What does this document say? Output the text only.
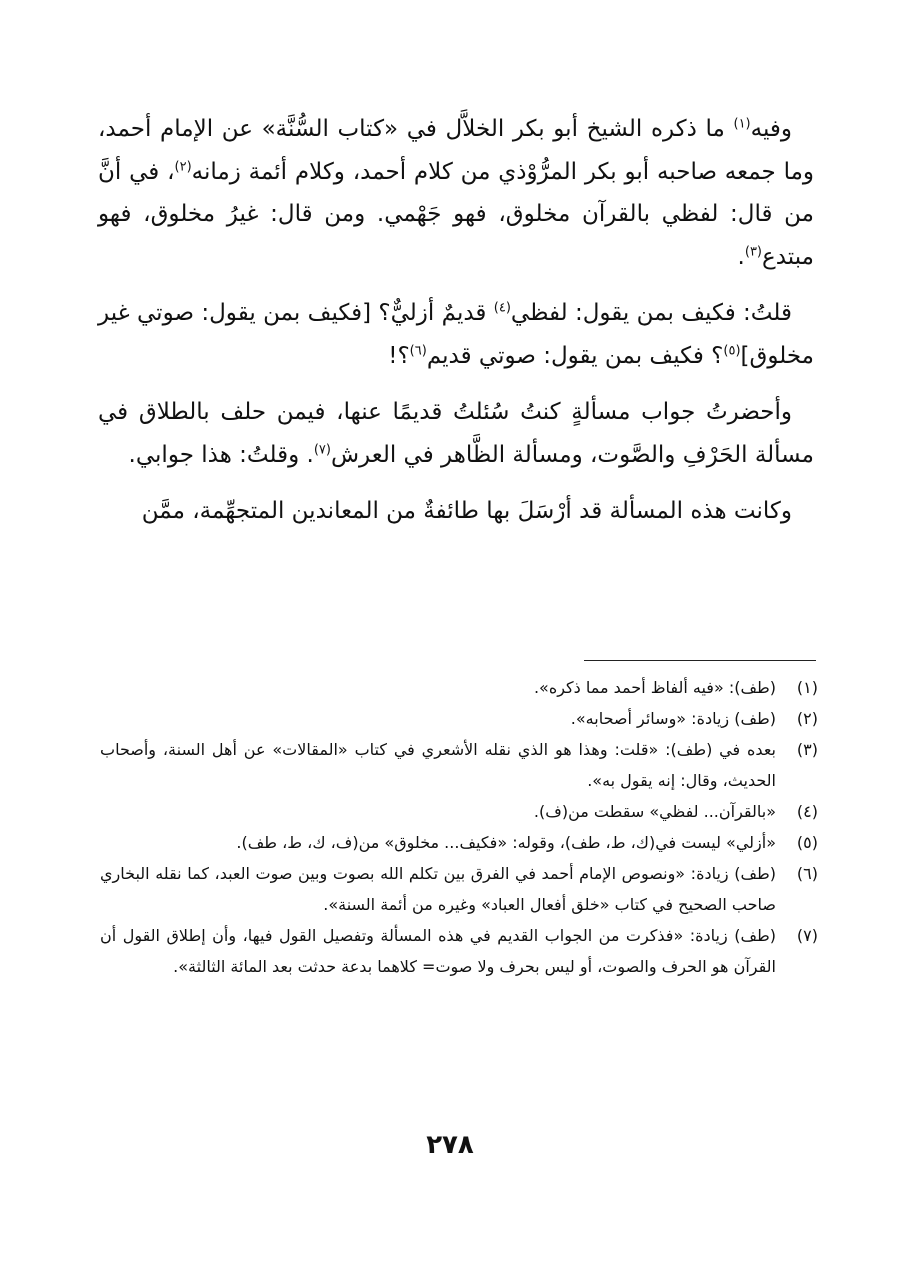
وفيه$^{(١)}$ ما ذكره الشيخ أبو بكر الخلاَّل في «كتاب السُّنَّة» عن الإمام أحمد، وما جمعه صاحبه أبو بكر المرُّوْذي من كلام أحمد، وكلام أئمة زمانه$^{(٢)}$، في أنَّ من قال: لفظي بالقرآن مخلوق، فهو جَهْمي. ومن قال: غيرُ مخلوق، فهو مبتدع$^{(٣)}$.

قلتُ: فكيف بمن يقول: لفظي$^{(٤)}$ قديمٌ أزليٌّ؟ [فكيف بمن يقول: صوتي غير مخلوق]$^{(٥)}$؟ فكيف بمن يقول: صوتي قديم$^{(٦)}$؟!

وأحضرتُ جواب مسألةٍ كنتُ سُئلتُ قديمًا عنها، فيمن حلف بالطلاق في مسألة الحَرْفِ والصَّوت، ومسألة الظَّاهر في العرش$^{(٧)}$. وقلتُ: هذا جوابي.

وكانت هذه المسألة قد أرْسَلَ بها طائفةٌ من المعاندين المتجهِّمة، ممَّن

(١)
(طف): «فيه ألفاظ أحمد مما ذكره».
(٢)
(طف) زيادة: «وسائر أصحابه».
(٣)
بعده في (طف): «قلت: وهذا هو الذي نقله الأشعري في كتاب «المقالات» عن أهل السنة، وأصحاب الحديث، وقال: إنه يقول به».
(٤)
«بالقرآن... لفظي» سقطت من(ف).
(٥)
«أزلي» ليست في(ك، ط، طف)، وقوله: «فكيف... مخلوق» من(ف، ك، ط، طف).
(٦)
(طف) زيادة: «ونصوص الإمام أحمد في الفرق بين تكلم الله بصوت وبين صوت العبد، كما نقله البخاري صاحب الصحيح في كتاب «خلق أفعال العباد» وغيره من أئمة السنة».
(٧)
(طف) زيادة: «فذكرت من الجواب القديم في هذه المسألة وتفصيل القول فيها، وأن إطلاق القول أن القرآن هو الحرف والصوت، أو ليس بحرف ولا صوت= كلاهما بدعة حدثت بعد المائة الثالثة».
٢٧٨
